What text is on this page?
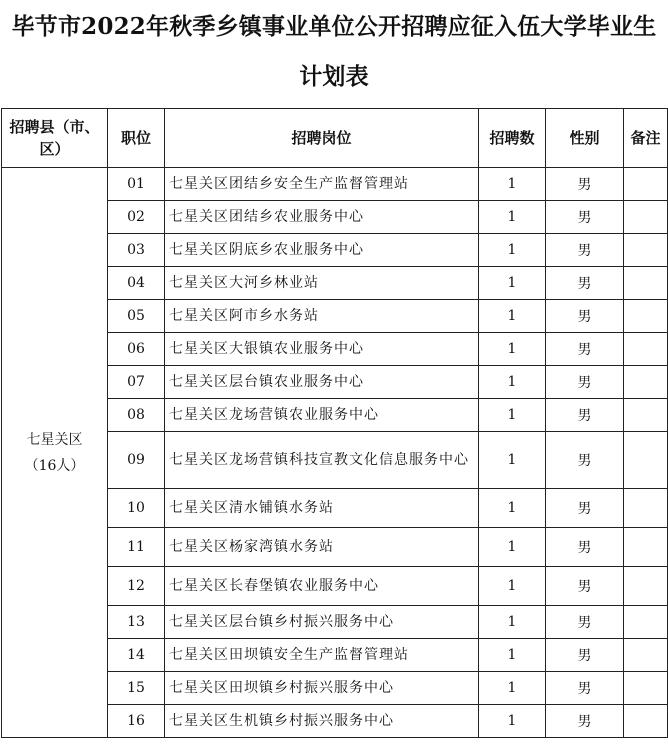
毕节市2022年秋季乡镇事业单位公开招聘应征入伍大学毕业生
计划表
招聘县（市、区）	职位	招聘岗位	招聘数	性别	备注

七星关区
（16人）	01	七星关区团结乡安全生产监督管理站	1	男	
	02	七星关区团结乡农业服务中心	1	男	
	03	七星关区阴底乡农业服务中心	1	男	
	04	七星关区大河乡林业站	1	男	
	05	七星关区阿市乡水务站	1	男	
	06	七星关区大银镇农业服务中心	1	男	
	07	七星关区层台镇农业服务中心	1	男	
	08	七星关区龙场营镇农业服务中心	1	男	
	09	七星关区龙场营镇科技宣教文化信息服务中心	1	男	
	10	七星关区清水铺镇水务站	1	男	
	11	七星关区杨家湾镇水务站	1	男	
	12	七星关区长春堡镇农业服务中心	1	男	
	13	七星关区层台镇乡村振兴服务中心	1	男	
	14	七星关区田坝镇安全生产监督管理站	1	男	
	15	七星关区田坝镇乡村振兴服务中心	1	男	
	16	七星关区生机镇乡村振兴服务中心	1	男	
